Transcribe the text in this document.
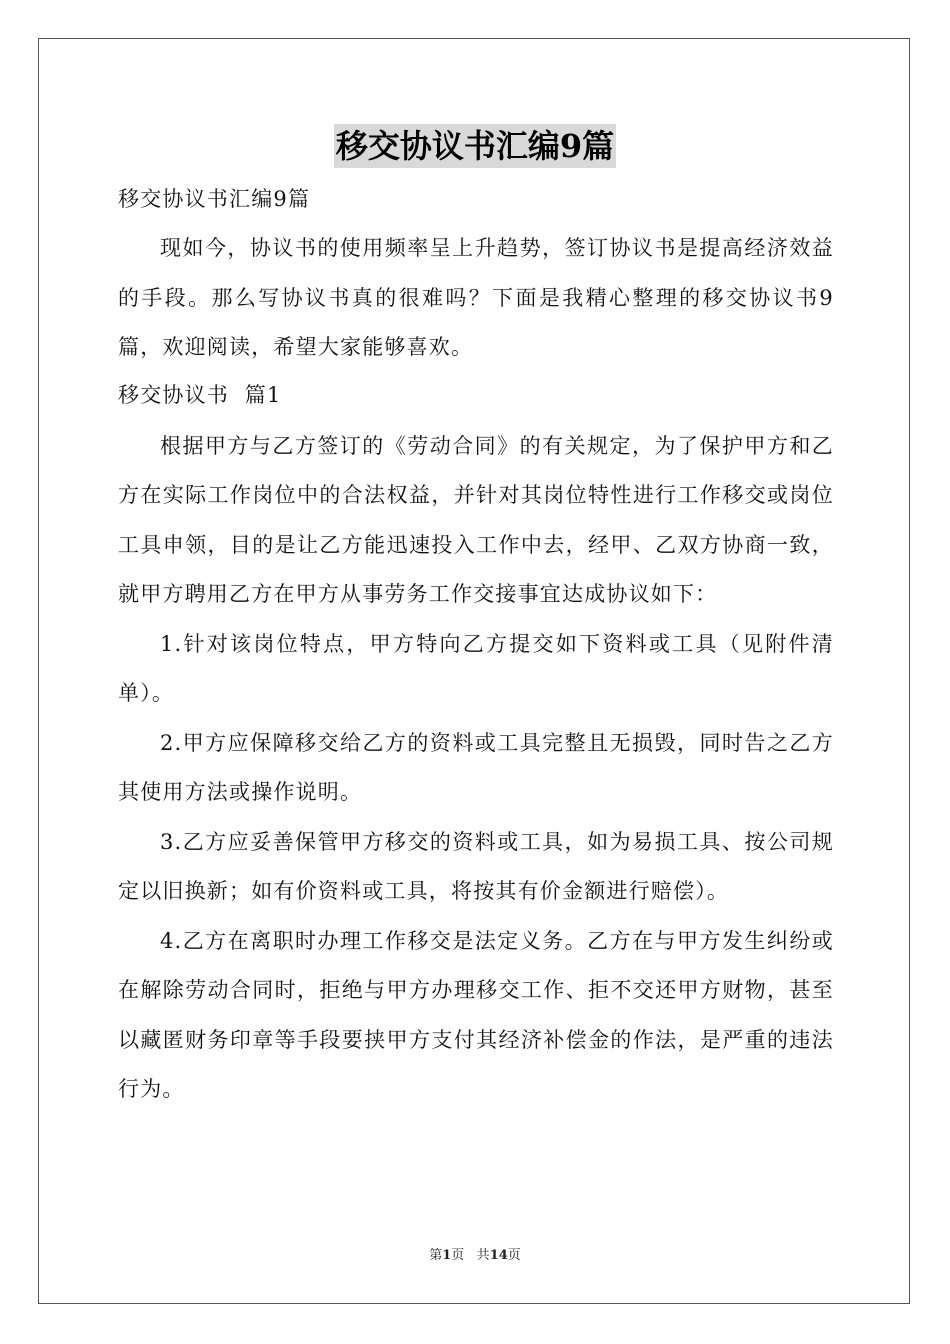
移交协议书汇编9篇
移交协议书汇编9篇

现如今，协议书的使用频率呈上升趋势，签订协议书是提高经济效益的手段。那么写协议书真的很难吗？下面是我精心整理的移交协议书9篇，欢迎阅读，希望大家能够喜欢。

移交协议书  篇1

根据甲方与乙方签订的《劳动合同》的有关规定，为了保护甲方和乙方在实际工作岗位中的合法权益，并针对其岗位特性进行工作移交或岗位工具申领，目的是让乙方能迅速投入工作中去，经甲、乙双方协商一致，就甲方聘用乙方在甲方从事劳务工作交接事宜达成协议如下：

1.针对该岗位特点，甲方特向乙方提交如下资料或工具（见附件清单）。

2.甲方应保障移交给乙方的资料或工具完整且无损毁，同时告之乙方其使用方法或操作说明。

3.乙方应妥善保管甲方移交的资料或工具，如为易损工具、按公司规定以旧换新；如有价资料或工具，将按其有价金额进行赔偿）。

4.乙方在离职时办理工作移交是法定义务。乙方在与甲方发生纠纷或在解除劳动合同时，拒绝与甲方办理移交工作、拒不交还甲方财物，甚至以藏匿财务印章等手段要挟甲方支付其经济补偿金的作法，是严重的违法行为。

第1页 共14页
